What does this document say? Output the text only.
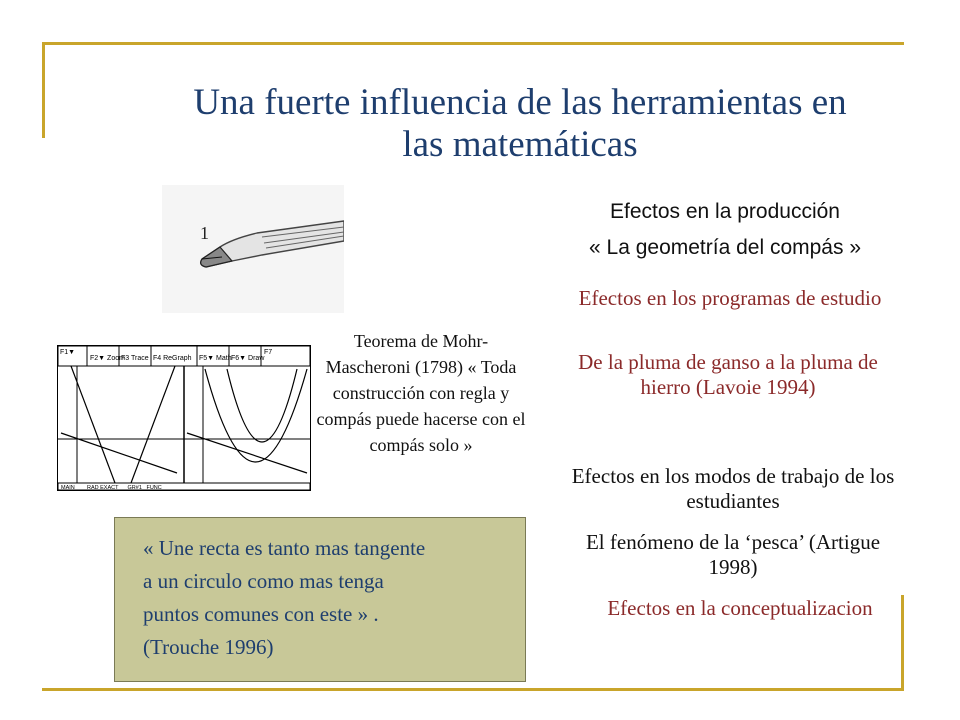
Una fuerte influencia de las herramientas en
las matemáticas
1
F1▼
F2▼ Zoom
F3 Trace F4 ReGraph F5▼ Math F6▼ Draw
F7
MAIN        RAD EXACT      GR#1   FUNC
Teorema de Mohr-Mascheroni (1798) « Toda construcción con regla y compás puede hacerse con el compás solo »
« Une recta es tanto mas tangente
a un circulo como mas tenga
puntos comunes con este » .
(Trouche 1996)
Efectos en la producción
« La geometría del compás »
Efectos en los programas de estudio
De la pluma de ganso a la pluma de hierro (Lavoie 1994)
Efectos en los modos de trabajo de los estudiantes
El fenómeno de la ‘pesca’ (Artigue 1998)
Efectos en la conceptualizacion
